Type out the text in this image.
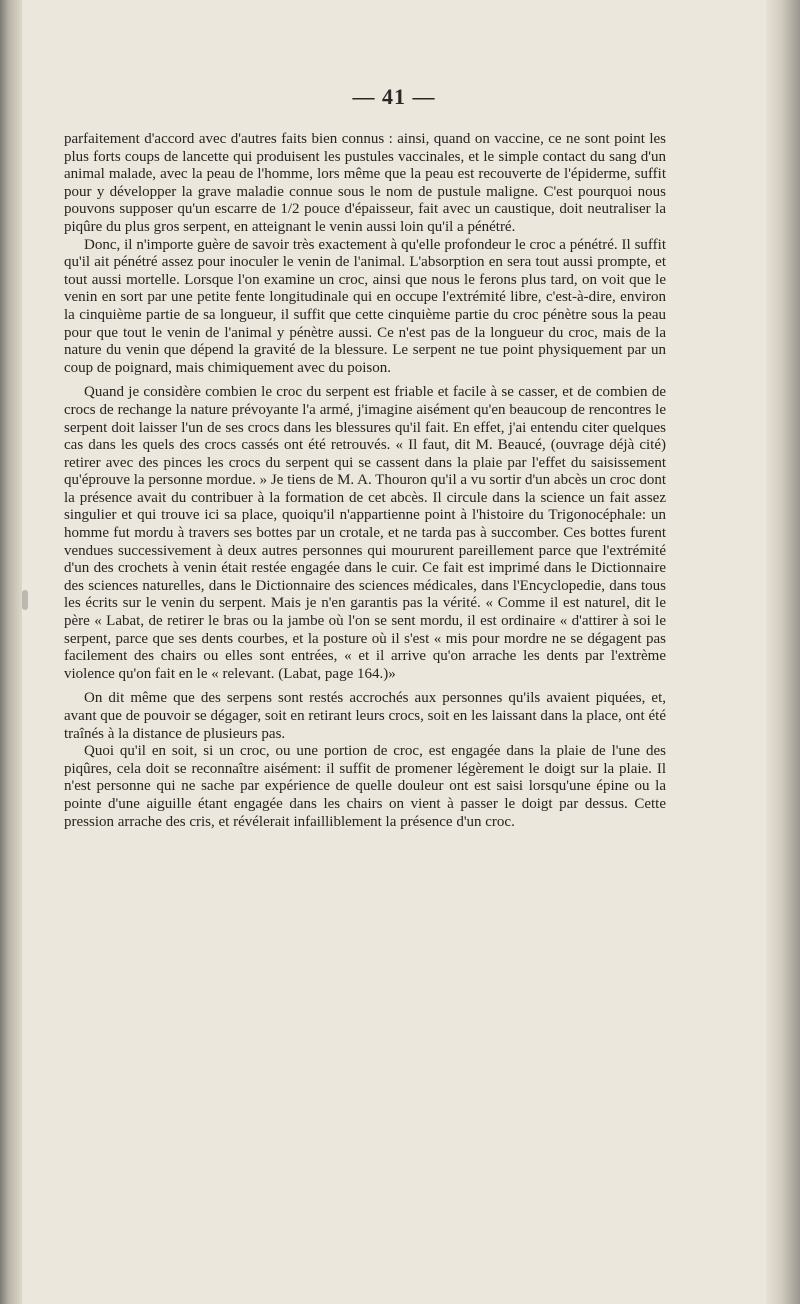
— 41 —

parfaitement d'accord avec d'autres faits bien connus : ainsi, quand on vaccine, ce ne sont point les plus forts coups de lancette qui produisent les pustules vaccinales, et le simple contact du sang d'un animal malade, avec la peau de l'homme, lors même que la peau est recouverte de l'épiderme, suffit pour y développer la grave maladie connue sous le nom de pustule maligne. C'est pourquoi nous pouvons supposer qu'un escarre de 1/2 pouce d'épaisseur, fait avec un caustique, doit neutraliser la piqûre du plus gros serpent, en atteignant le venin aussi loin qu'il a pénétré.

Donc, il n'importe guère de savoir très exactement à qu'elle profondeur le croc a pénétré. Il suffit qu'il ait pénétré assez pour inoculer le venin de l'animal. L'absorption en sera tout aussi prompte, et tout aussi mortelle. Lorsque l'on examine un croc, ainsi que nous le ferons plus tard, on voit que le venin en sort par une petite fente longitudinale qui en occupe l'extrémité libre, c'est-à-dire, environ la cinquième partie de sa longueur, il suffit que cette cinquième partie du croc pénètre sous la peau pour que tout le venin de l'animal y pénètre aussi. Ce n'est pas de la longueur du croc, mais de la nature du venin que dépend la gravité de la blessure. Le serpent ne tue point physiquement par un coup de poignard, mais chimiquement avec du poison.

Quand je considère combien le croc du serpent est friable et facile à se casser, et de combien de crocs de rechange la nature prévoyante l'a armé, j'imagine aisément qu'en beaucoup de rencontres le serpent doit laisser l'un de ses crocs dans les blessures qu'il fait. En effet, j'ai entendu citer quelques cas dans les quels des crocs cassés ont été retrouvés. « Il faut, dit M. Beaucé, (ouvrage déjà cité) retirer avec des pinces les crocs du serpent qui se cassent dans la plaie par l'effet du saisissement qu'éprouve la personne mordue. » Je tiens de M. A. Thouron qu'il a vu sortir d'un abcès un croc dont la présence avait du contribuer à la formation de cet abcès. Il circule dans la science un fait assez singulier et qui trouve ici sa place, quoiqu'il n'appartienne point à l'histoire du Trigonocéphale: un homme fut mordu à travers ses bottes par un crotale, et ne tarda pas à succomber. Ces bottes furent vendues successivement à deux autres personnes qui moururent pareillement parce que l'extrémité d'un des crochets à venin était restée engagée dans le cuir. Ce fait est imprimé dans le Dictionnaire des sciences naturelles, dans le Dictionnaire des sciences médicales, dans l'Encyclopedie, dans tous les écrits sur le venin du serpent. Mais je n'en garantis pas la vérité. « Comme il est naturel, dit le père « Labat, de retirer le bras ou la jambe où l'on se sent mordu, il est ordinaire « d'attirer à soi le serpent, parce que ses dents courbes, et la posture où il s'est « mis pour mordre ne se dégagent pas facilement des chairs ou elles sont entrées, « et il arrive qu'on arrache les dents par l'extrème violence qu'on fait en le « relevant. (Labat, page 164.)»

On dit même que des serpens sont restés accrochés aux personnes qu'ils avaient piquées, et, avant que de pouvoir se dégager, soit en retirant leurs crocs, soit en les laissant dans la place, ont été traînés à la distance de plusieurs pas.

Quoi qu'il en soit, si un croc, ou une portion de croc, est engagée dans la plaie de l'une des piqûres, cela doit se reconnaître aisément: il suffit de promener légèrement le doigt sur la plaie. Il n'est personne qui ne sache par expérience de quelle douleur ont est saisi lorsqu'une épine ou la pointe d'une aiguille étant engagée dans les chairs on vient à passer le doigt par dessus. Cette pression arrache des cris, et révélerait infailliblement la présence d'un croc.
